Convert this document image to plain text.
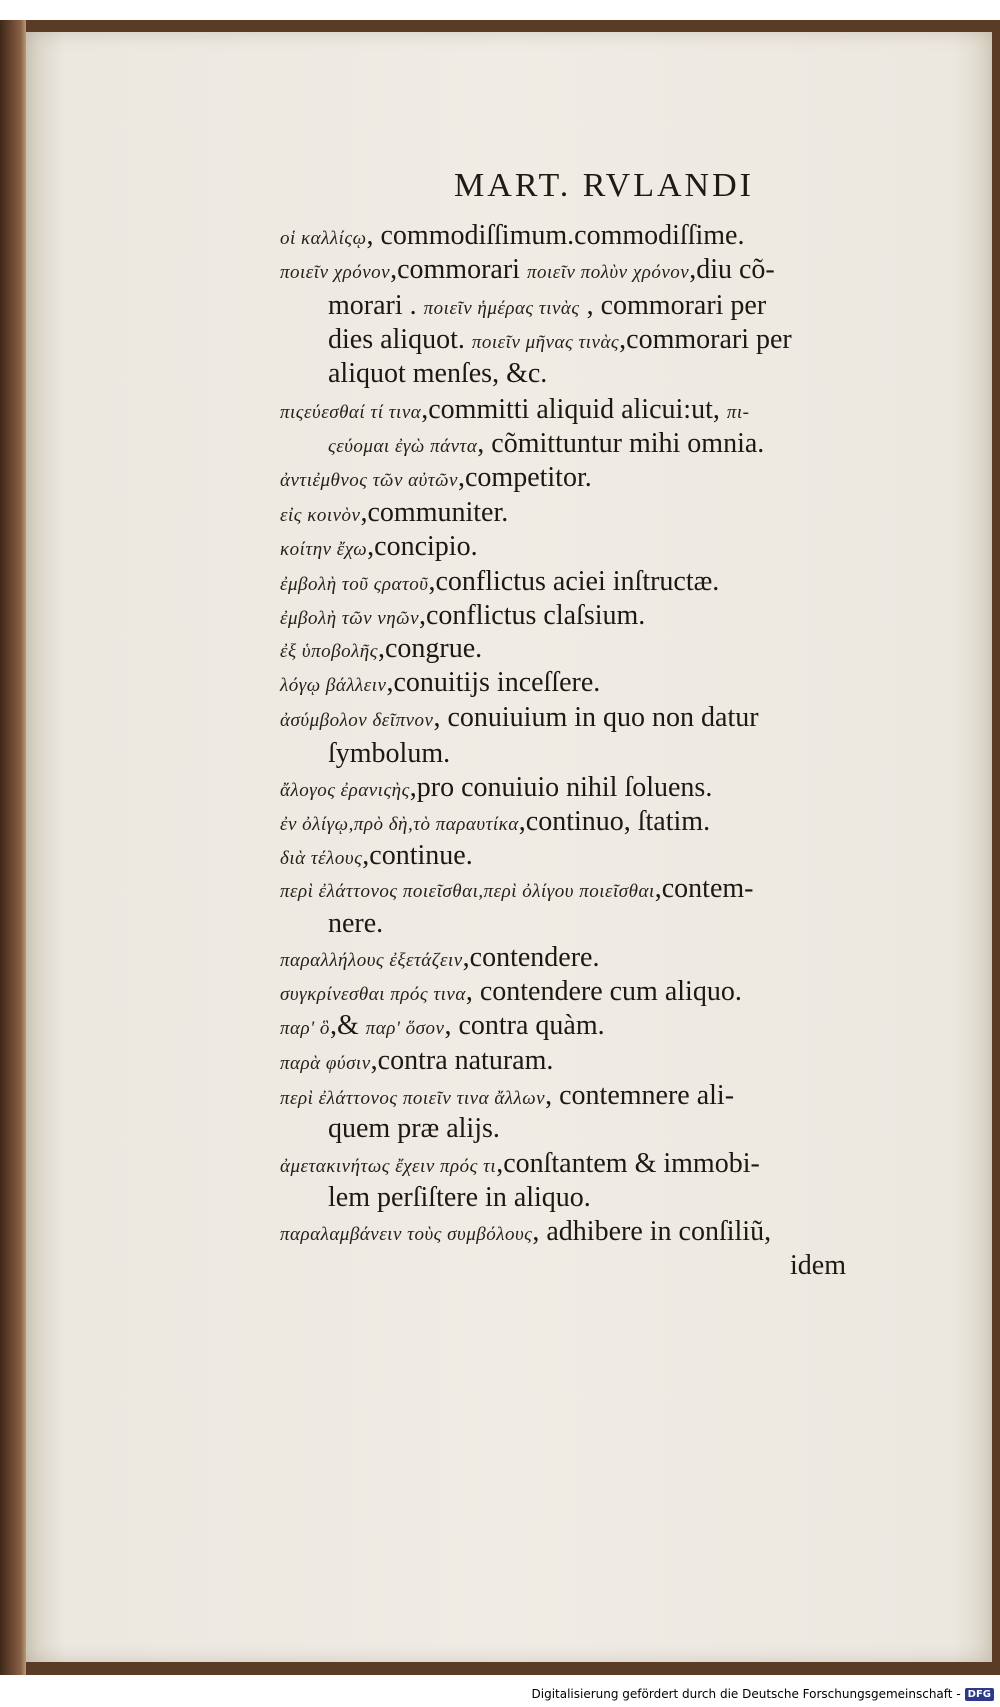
MART. RVLANDI
οἱ καλλίςῳ, commodiſſimum.commodiſſime.
ποιεῖν χρόνον,commorari ποιεῖν πολὺν χρόνον,diu cõ-
morari . ποιεῖν ἡμέρας τινὰς , commorari per
dies aliquot. ποιεῖν μῆνας τινὰς,commorari per
aliquot menſes, &c.
πιςεύεσθαί τί τινα,committi aliquid alicui:ut, πι-
ςεύομαι ἐγὼ πάντα, cõmittuntur mihi omnia.
ἀντιἐμθνος τῶν αὐτῶν,competitor.
εἰς κοινὸν,communiter.
κοίτην ἔχω,concipio.
ἐμβολὴ τοῦ ςρατοῦ,conflictus aciei inſtructæ.
ἐμβολὴ τῶν νηῶν,conflictus claſsium.
ἐξ ὑποβολῆς,congrue.
λόγῳ βάλλειν,conuitijs inceſſere.
ἀσύμβολον δεῖπνον, conuiuium in quo non datur
ſymbolum.
ἄλογος ἐρανιςὴς,pro conuiuio nihil ſoluens.
ἐν ὀλίγῳ,πρὸ δὴ,τὸ παραυτίκα,continuo, ſtatim.
διὰ τέλους,continue.
περὶ ἐλάττονος ποιεῖσθαι,περὶ ὀλίγου ποιεῖσθαι,contem-
nere.
παραλλήλους ἐξετάζειν,contendere.
συγκρίνεσθαι πρός τινα, contendere cum aliquo.
παρ' ὃ,& παρ' ὅσον, contra quàm.
παρὰ φύσιν,contra naturam.
περὶ ἐλάττονος ποιεῖν τινα ἄλλων, contemnere ali-
quem præ alijs.
ἀμετακινήτως ἔχειν πρός τι,conſtantem & immobi-
lem perſiſtere in aliquo.
παραλαμβάνειν τοὺς συμβόλους, adhibere in conſiliũ,
idem
Digitalisierung gefördert durch die Deutsche Forschungsgemeinschaft - DFG
